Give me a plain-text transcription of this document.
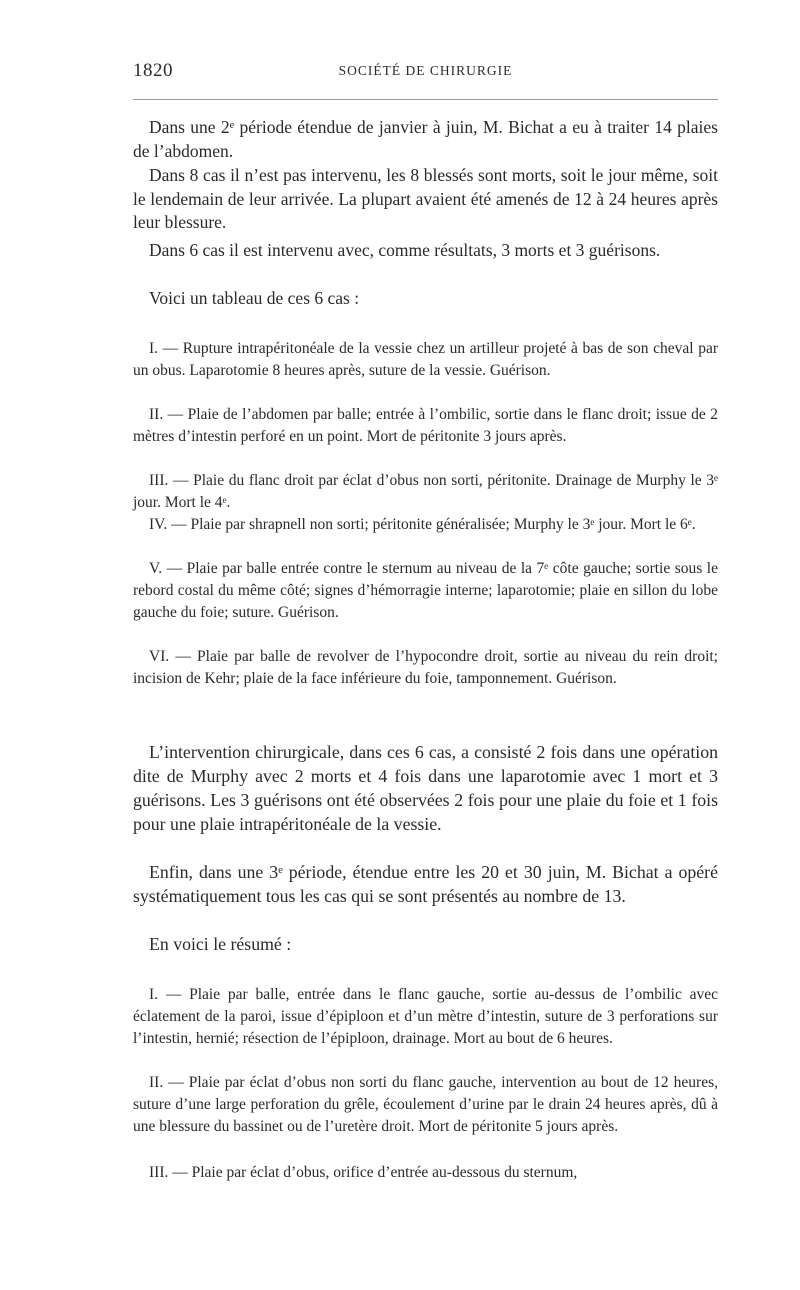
1820	SOCIÉTÉ DE CHIRURGIE

Dans une 2ᵉ période étendue de janvier à juin, M. Bichat a eu à traiter 14 plaies de l’abdomen.

Dans 8 cas il n’est pas intervenu, les 8 blessés sont morts, soit le jour même, soit le lendemain de leur arrivée. La plupart avaient été amenés de 12 à 24 heures après leur blessure.

Dans 6 cas il est intervenu avec, comme résultats, 3 morts et 3 guérisons.

Voici un tableau de ces 6 cas :

I. — Rupture intrapéritonéale de la vessie chez un artilleur projeté à bas de son cheval par un obus. Laparotomie 8 heures après, suture de la vessie. Guérison.

II. — Plaie de l’abdomen par balle; entrée à l’ombilic, sortie dans le flanc droit; issue de 2 mètres d’intestin perforé en un point. Mort de péritonite 3 jours après.

III. — Plaie du flanc droit par éclat d’obus non sorti, péritonite. Drainage de Murphy le 3ᵉ jour. Mort le 4ᵉ.

IV. — Plaie par shrapnell non sorti; péritonite généralisée; Murphy le 3ᵉ jour. Mort le 6ᵉ.

V. — Plaie par balle entrée contre le sternum au niveau de la 7ᵉ côte gauche; sortie sous le rebord costal du même côté; signes d’hémorragie interne; laparotomie; plaie en sillon du lobe gauche du foie; suture. Guérison.

VI. — Plaie par balle de revolver de l’hypocondre droit, sortie au niveau du rein droit; incision de Kehr; plaie de la face inférieure du foie, tamponnement. Guérison.

L’intervention chirurgicale, dans ces 6 cas, a consisté 2 fois dans une opération dite de Murphy avec 2 morts et 4 fois dans une laparotomie avec 1 mort et 3 guérisons. Les 3 guérisons ont été observées 2 fois pour une plaie du foie et 1 fois pour une plaie intrapéritonéale de la vessie.

Enfin, dans une 3ᵉ période, étendue entre les 20 et 30 juin, M. Bichat a opéré systématiquement tous les cas qui se sont présentés au nombre de 13.

En voici le résumé :

I. — Plaie par balle, entrée dans le flanc gauche, sortie au-dessus de l’ombilic avec éclatement de la paroi, issue d’épiploon et d’un mètre d’intestin, suture de 3 perforations sur l’intestin, hernié; résection de l’épiploon, drainage. Mort au bout de 6 heures.

II. — Plaie par éclat d’obus non sorti du flanc gauche, intervention au bout de 12 heures, suture d’une large perforation du grêle, écoulement d’urine par le drain 24 heures après, dû à une blessure du bassinet ou de l’uretère droit. Mort de péritonite 5 jours après.

III. — Plaie par éclat d’obus, orifice d’entrée au-dessous du sternum,
